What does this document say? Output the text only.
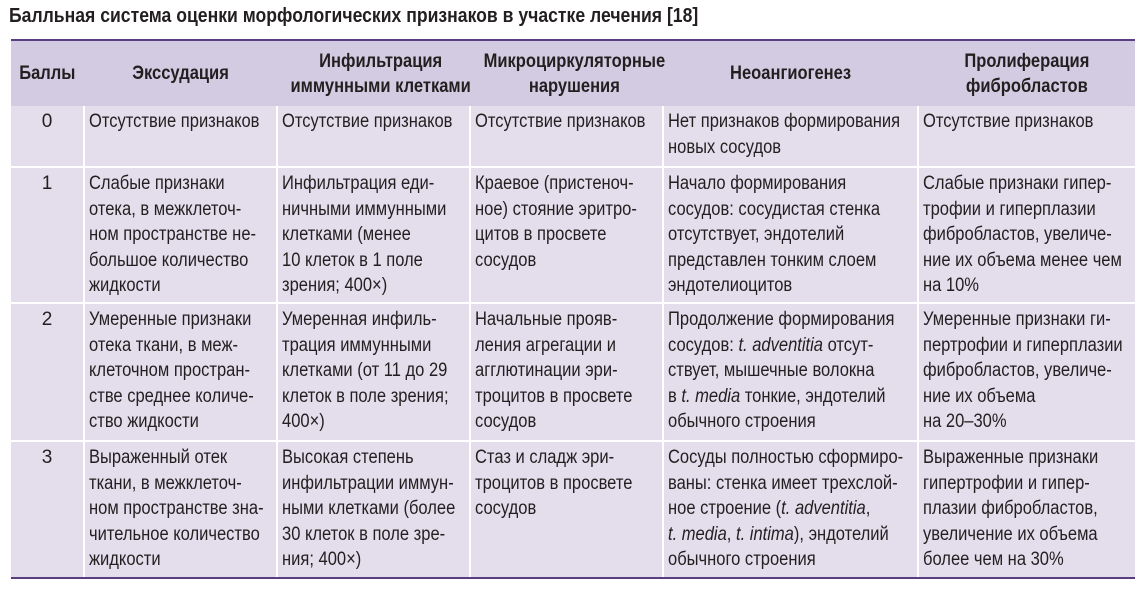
Балльная система оценки морфологических признаков в участке лечения [18]
Баллы	Экссудация	Инфильтрация
иммунными клетками	Микроциркуляторные
нарушения	Неоангиогенез	Пролиферация
фибробластов

0	Отсутствие признаков	Отсутствие признаков	Отсутствие признаков	Нет признаков формирования
новых сосудов	Отсутствие признаков

1	Слабые признаки
отека, в межклеточ-
ном пространстве не-
большое количество
жидкости	Инфильтрация еди-
ничными иммунными
клетками (менее
10 клеток в 1 поле
зрения; 400×)	Краевое (пристеноч-
ное) стояние эритро-
цитов в просвете
сосудов	Начало формирования
сосудов: сосудистая стенка
отсутствует, эндотелий
представлен тонким слоем
эндотелиоцитов	Слабые признаки гипер-
трофии и гиперплазии
фибробластов, увеличе-
ние их объема менее чем
на 10%

2	Умеренные признаки
отека ткани, в меж-
клеточном простран-
стве среднее количе-
ство жидкости	Умеренная инфиль-
трация иммунными
клетками (от 11 до 29
клеток в поле зрения;
400×)	Начальные прояв-
ления агрегации и
агглютинации эри-
троцитов в просвете
сосудов	Продолжение формирования
сосудов: t. adventitia отсут-
ствует, мышечные волокна
в t. media тонкие, эндотелий
обычного строения	Умеренные признаки ги-
пертрофии и гиперплазии
фибробластов, увеличе-
ние их объема
на 20–30%

3	Выраженный отек
ткани, в межклеточ-
ном пространстве зна-
чительное количество
жидкости	Высокая степень
инфильтрации иммун-
ными клетками (более
30 клеток в поле зре-
ния; 400×)	Стаз и сладж эри-
троцитов в просвете
сосудов	Сосуды полностью сформиро-
ваны: стенка имеет трехслой-
ное строение (t. adventitia,
t. media, t. intima), эндотелий
обычного строения	Выраженные признаки
гипертрофии и гипер-
плазии фибробластов,
увеличение их объема
более чем на 30%
